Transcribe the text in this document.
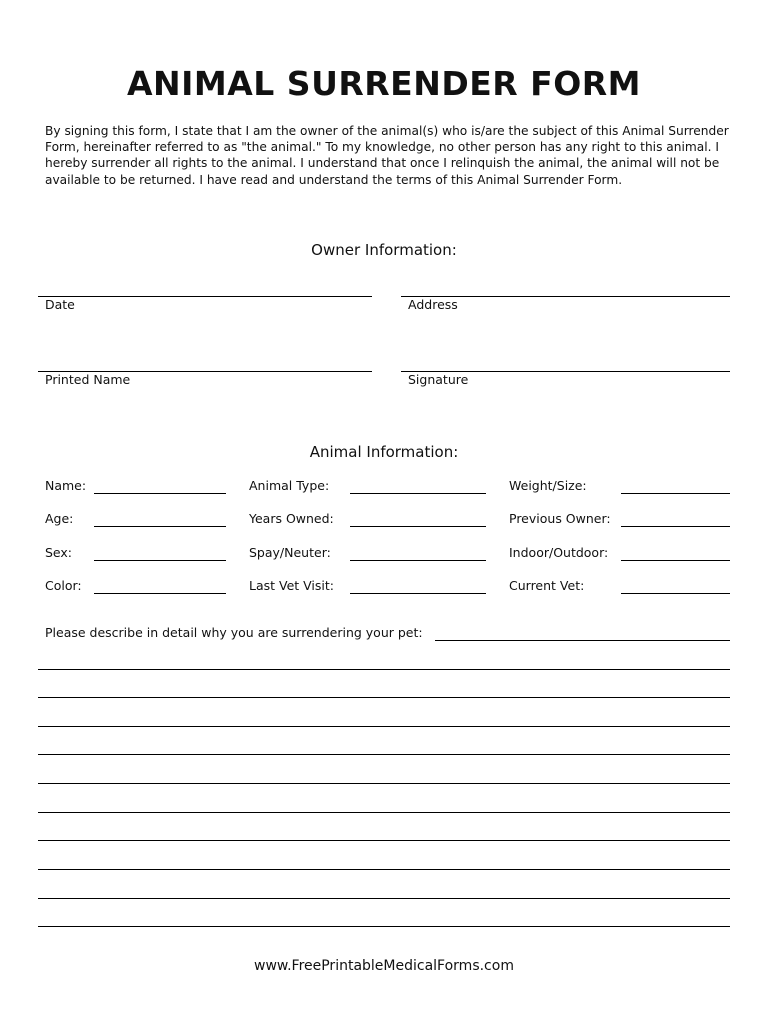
ANIMAL SURRENDER FORM
By signing this form, I state that I am the owner of the animal(s) who is/are the subject of this Animal Surrender Form, hereinafter referred to as "the animal." To my knowledge, no other person has any right to this animal. I hereby surrender all rights to the animal. I understand that once I relinquish the animal, the animal will not be available to be returned. I have read and understand the terms of this Animal Surrender Form.
Owner Information:
Date	Address
Printed Name	Signature
Animal Information:
Name:	Animal Type:	Weight/Size:
Age:	Years Owned:	Previous Owner:
Sex:	Spay/Neuter:	Indoor/Outdoor:
Color:	Last Vet Visit:	Current Vet:
Please describe in detail why you are surrendering your pet:
www.FreePrintableMedicalForms.com
